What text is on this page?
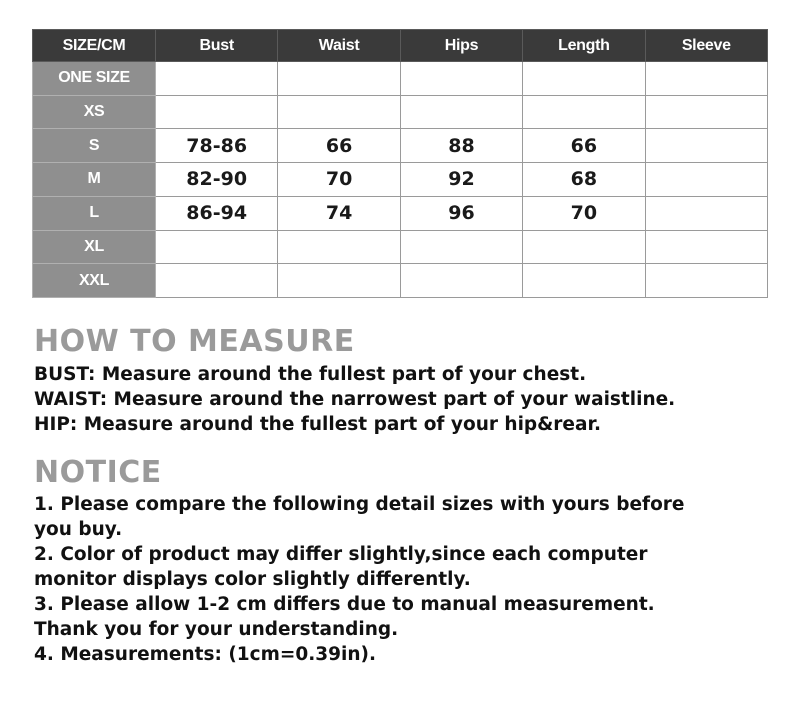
SIZE/CM	Bust	Waist	Hips	Length	Sleeve
ONE SIZE					
XS					
S	78-86	66	88	66	
M	82-90	70	92	68	
L	86-94	74	96	70	
XL					
XXL					
HOW TO MEASURE
BUST: Measure around the fullest part of your chest.
WAIST: Measure around the narrowest part of your waistline.
HIP: Measure around the fullest part of your hip&rear.
NOTICE
1. Please compare the following detail sizes with yours before
you buy.
2. Color of product may differ slightly,since each computer
monitor displays color slightly differently.
3. Please allow 1-2 cm differs due to manual measurement.
Thank you for your understanding.
4. Measurements: (1cm=0.39in).
